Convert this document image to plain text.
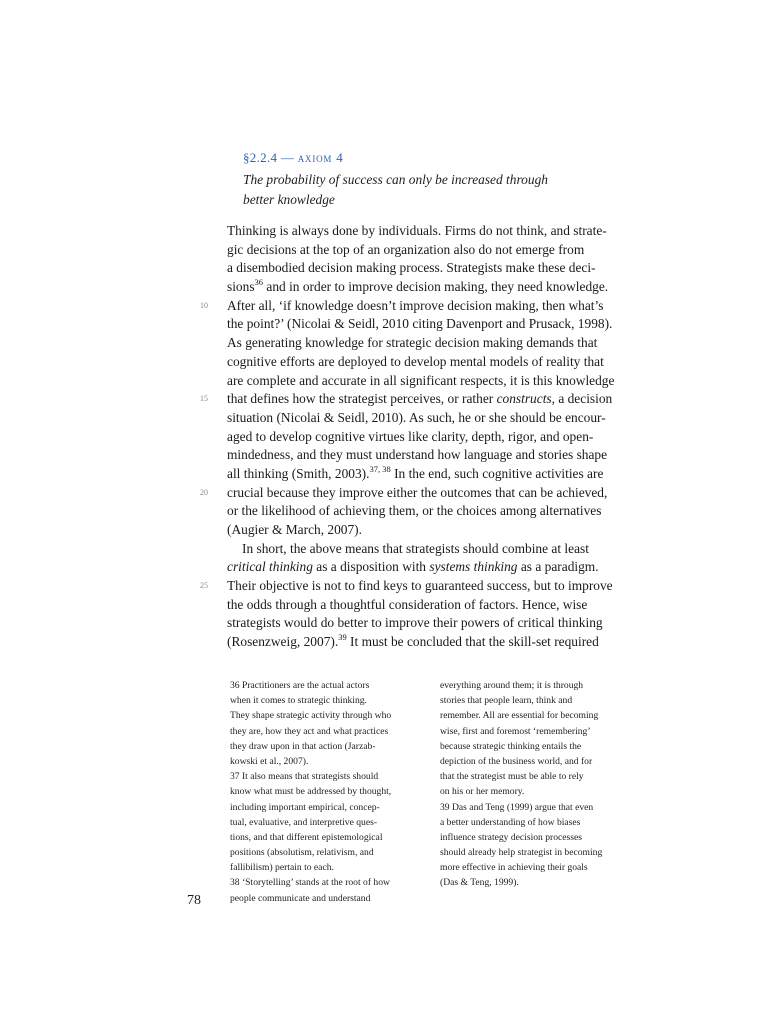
§2.2.4 — axiom 4
The probability of success can only be increased through
better knowledge
Thinking is always done by individuals. Firms do not think, and strate-
gic decisions at the top of an organization also do not emerge from
a disembodied decision making process. Strategists make these deci-
sions$^{36}$ and in order to improve decision making, they need knowledge.
10 After all, ‘if knowledge doesn’t improve decision making, then what’s
the point?’ (Nicolai & Seidl, 2010 citing Davenport and Prusack, 1998).
As generating knowledge for strategic decision making demands that
cognitive efforts are deployed to develop mental models of reality that
are complete and accurate in all significant respects, it is this knowledge
15 that defines how the strategist perceives, or rather constructs, a decision
situation (Nicolai & Seidl, 2010). As such, he or she should be encour-
aged to develop cognitive virtues like clarity, depth, rigor, and open-
mindedness, and they must understand how language and stories shape
all thinking (Smith, 2003).$^{37, 38}$ In the end, such cognitive activities are
20 crucial because they improve either the outcomes that can be achieved,
or the likelihood of achieving them, or the choices among alternatives
(Augier & March, 2007).
In short, the above means that strategists should combine at least
critical thinking as a disposition with systems thinking as a paradigm.
25 Their objective is not to find keys to guaranteed success, but to improve
the odds through a thoughtful consideration of factors. Hence, wise
strategists would do better to improve their powers of critical thinking
(Rosenzweig, 2007).$^{39}$ It must be concluded that the skill-set required
36 Practitioners are the actual actors
when it comes to strategic thinking.
They shape strategic activity through who
they are, how they act and what practices
they draw upon in that action (Jarzab-
kowski et al., 2007).
37 It also means that strategists should
know what must be addressed by thought,
including important empirical, concep-
tual, evaluative, and interpretive ques-
tions, and that different epistemological
positions (absolutism, relativism, and
fallibilism) pertain to each.
38 ‘Storytelling’ stands at the root of how
people communicate and understand
everything around them; it is through
stories that people learn, think and
remember. All are essential for becoming
wise, first and foremost ‘remembering’
because strategic thinking entails the
depiction of the business world, and for
that the strategist must be able to rely
on his or her memory.
39 Das and Teng (1999) argue that even
a better understanding of how biases
influence strategy decision processes
should already help strategist in becoming
more effective in achieving their goals
(Das & Teng, 1999).
78
